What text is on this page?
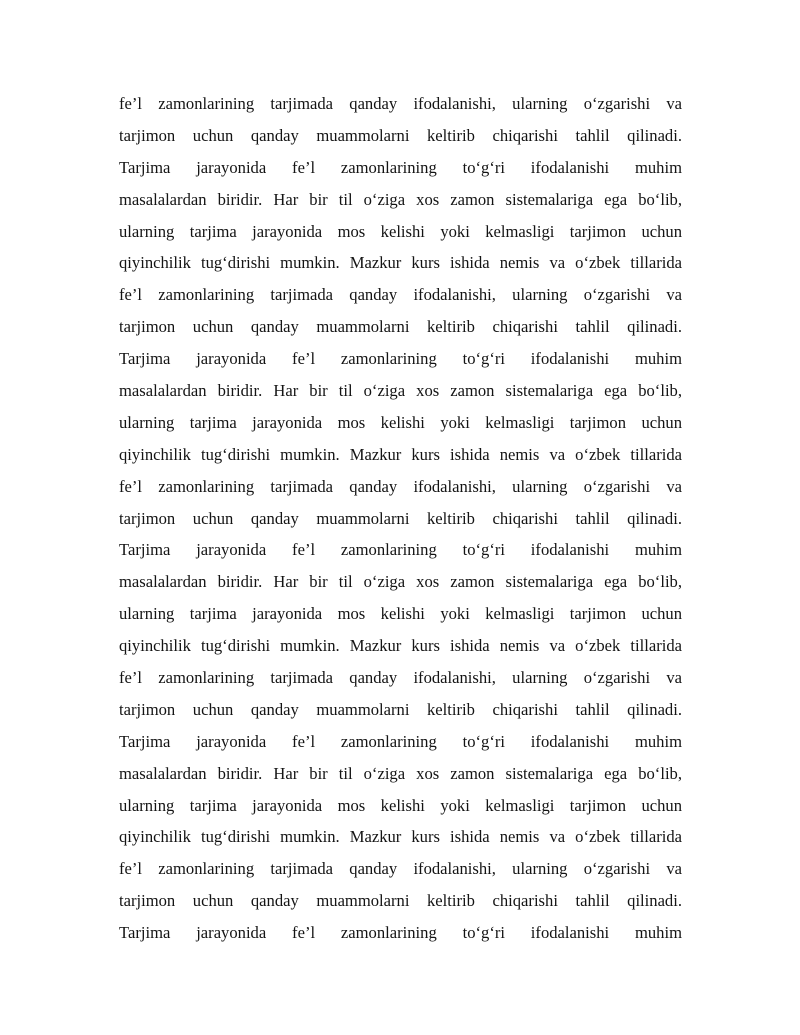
fe’l zamonlarining tarjimada qanday ifodalanishi, ularning o‘zgarishi va
tarjimon uchun qanday muammolarni keltirib chiqarishi tahlil qilinadi.
Tarjima jarayonida fe’l zamonlarining to‘g‘ri ifodalanishi muhim
masalalardan biridir. Har bir til o‘ziga xos zamon sistemalariga ega bo‘lib,
ularning tarjima jarayonida mos kelishi yoki kelmasligi tarjimon uchun
qiyinchilik tug‘dirishi mumkin. Mazkur kurs ishida nemis va o‘zbek tillarida
fe’l zamonlarining tarjimada qanday ifodalanishi, ularning o‘zgarishi va
tarjimon uchun qanday muammolarni keltirib chiqarishi tahlil qilinadi.
Tarjima jarayonida fe’l zamonlarining to‘g‘ri ifodalanishi muhim
masalalardan biridir. Har bir til o‘ziga xos zamon sistemalariga ega bo‘lib,
ularning tarjima jarayonida mos kelishi yoki kelmasligi tarjimon uchun
qiyinchilik tug‘dirishi mumkin. Mazkur kurs ishida nemis va o‘zbek tillarida
fe’l zamonlarining tarjimada qanday ifodalanishi, ularning o‘zgarishi va
tarjimon uchun qanday muammolarni keltirib chiqarishi tahlil qilinadi.
Tarjima jarayonida fe’l zamonlarining to‘g‘ri ifodalanishi muhim
masalalardan biridir. Har bir til o‘ziga xos zamon sistemalariga ega bo‘lib,
ularning tarjima jarayonida mos kelishi yoki kelmasligi tarjimon uchun
qiyinchilik tug‘dirishi mumkin. Mazkur kurs ishida nemis va o‘zbek tillarida
fe’l zamonlarining tarjimada qanday ifodalanishi, ularning o‘zgarishi va
tarjimon uchun qanday muammolarni keltirib chiqarishi tahlil qilinadi.
Tarjima jarayonida fe’l zamonlarining to‘g‘ri ifodalanishi muhim
masalalardan biridir. Har bir til o‘ziga xos zamon sistemalariga ega bo‘lib,
ularning tarjima jarayonida mos kelishi yoki kelmasligi tarjimon uchun
qiyinchilik tug‘dirishi mumkin. Mazkur kurs ishida nemis va o‘zbek tillarida
fe’l zamonlarining tarjimada qanday ifodalanishi, ularning o‘zgarishi va
tarjimon uchun qanday muammolarni keltirib chiqarishi tahlil qilinadi.
Tarjima jarayonida fe’l zamonlarining to‘g‘ri ifodalanishi muhim
